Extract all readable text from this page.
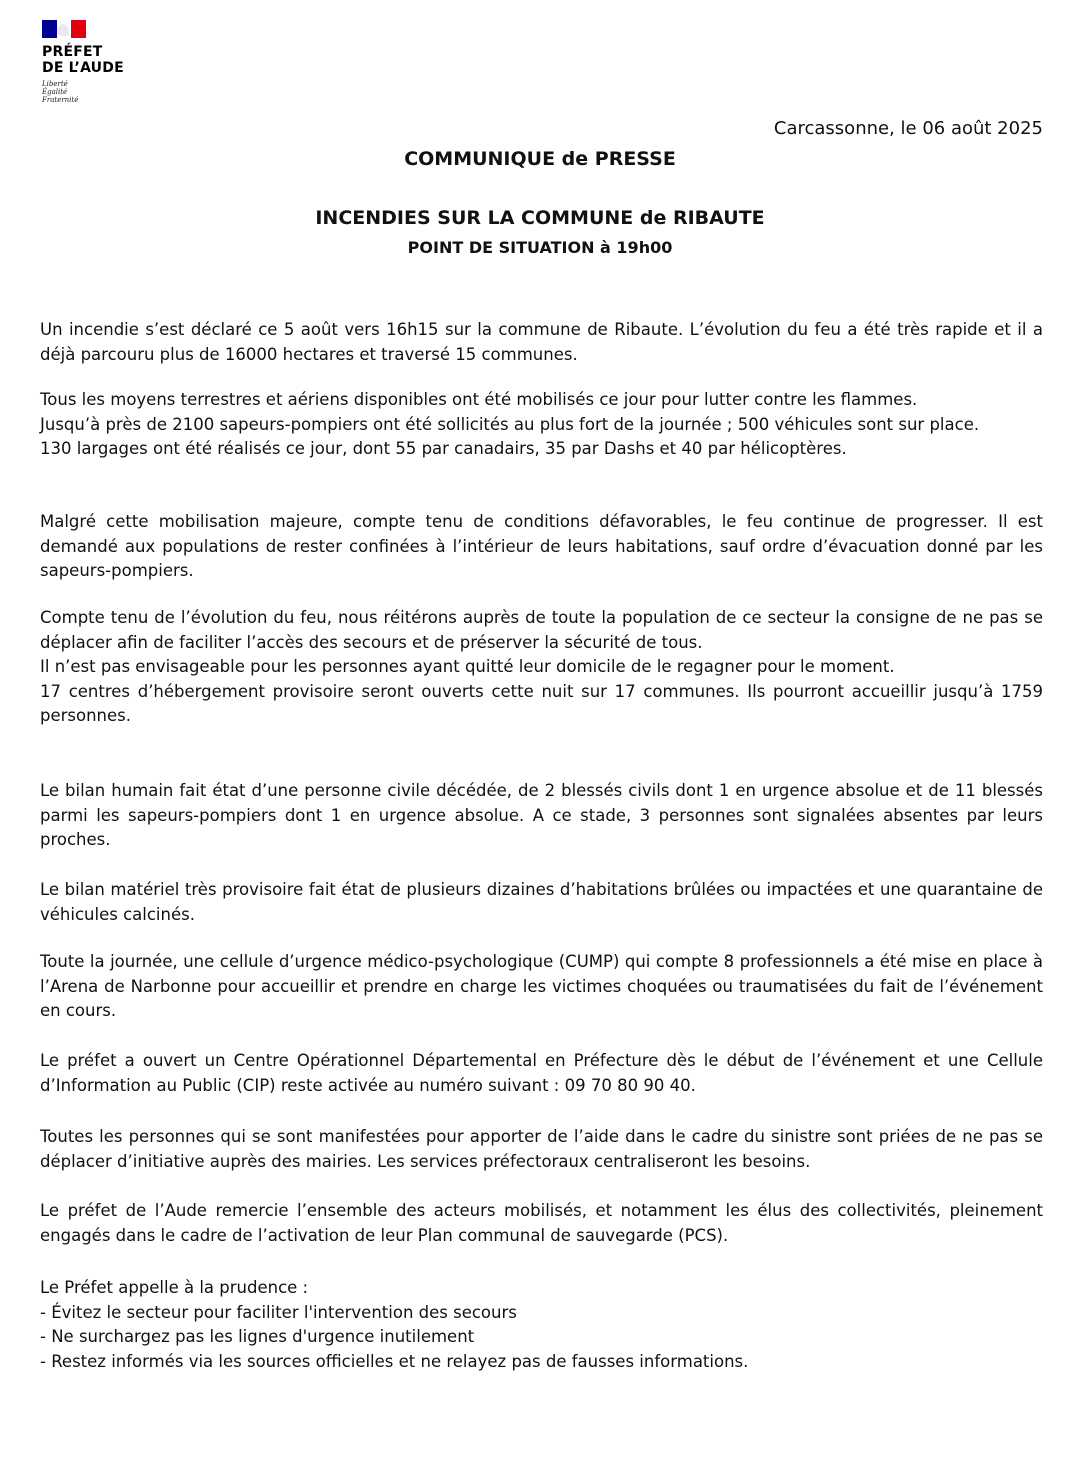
PRÉFET
DE L’AUDE
Liberté
Égalité
Fraternité
Carcassonne, le 06 août 2025
COMMUNIQUE de PRESSE
INCENDIES SUR LA COMMUNE de RIBAUTE
POINT DE SITUATION à 19h00

Un incendie s’est déclaré ce 5 août vers 16h15 sur la commune de Ribaute. L’évolution du feu a été très rapide et il a déjà parcouru plus de 16000 hectares et traversé 15 communes.

Tous les moyens terrestres et aériens disponibles ont été mobilisés ce jour pour lutter contre les flammes.
Jusqu’à près de 2100 sapeurs-pompiers ont été sollicités au plus fort de la journée ; 500 véhicules sont sur place.
130 largages ont été réalisés ce jour, dont 55 par canadairs, 35 par Dashs et 40 par hélicoptères.

Malgré cette mobilisation majeure, compte tenu de conditions défavorables, le feu continue de progresser. Il est demandé aux populations de rester confinées à l’intérieur de leurs habitations, sauf ordre d’évacuation donné par les sapeurs-pompiers.

Compte tenu de l’évolution du feu, nous réitérons auprès de toute la population de ce secteur la consigne de ne pas se déplacer afin de faciliter l’accès des secours et de préserver la sécurité de tous.

Il n’est pas envisageable pour les personnes ayant quitté leur domicile de le regagner pour le moment.

17 centres d’hébergement provisoire seront ouverts cette nuit sur 17 communes. Ils pourront accueillir jusqu’à 1759 personnes.

Le bilan humain fait état d’une personne civile décédée, de 2 blessés civils dont 1 en urgence absolue et de 11 blessés parmi les sapeurs-pompiers dont 1 en urgence absolue. A ce stade, 3 personnes sont signalées absentes par leurs proches.

Le bilan matériel très provisoire fait état de plusieurs dizaines d’habitations brûlées ou impactées et une quarantaine de véhicules calcinés.

Toute la journée, une cellule d’urgence médico-psychologique (CUMP) qui compte 8 professionnels a été mise en place à l’Arena de Narbonne pour accueillir et prendre en charge les victimes choquées ou traumatisées du fait de l’événement en cours.

Le préfet a ouvert un Centre Opérationnel Départemental en Préfecture dès le début de l’événement et une Cellule d’Information au Public (CIP) reste activée au numéro suivant : 09 70 80 90 40.

Toutes les personnes qui se sont manifestées pour apporter de l’aide dans le cadre du sinistre sont priées de ne pas se déplacer d’initiative auprès des mairies. Les services préfectoraux centraliseront les besoins.

Le préfet de l’Aude remercie l’ensemble des acteurs mobilisés, et notamment les élus des collectivités, pleinement engagés dans le cadre de l’activation de leur Plan communal de sauvegarde (PCS).

Le Préfet appelle à la prudence :
- Évitez le secteur pour faciliter l'intervention des secours
- Ne surchargez pas les lignes d'urgence inutilement
- Restez informés via les sources officielles et ne relayez pas de fausses informations.
